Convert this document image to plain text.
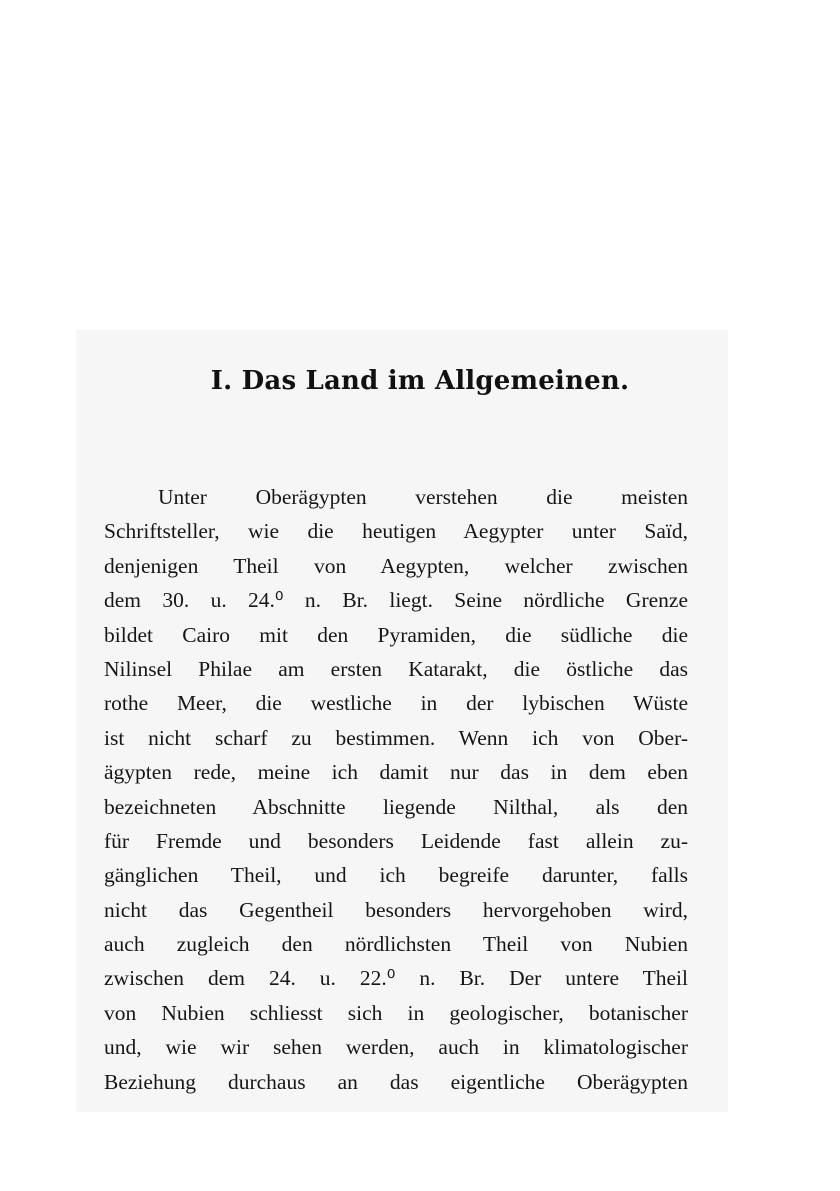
I. Das Land im Allgemeinen.
Unter Oberägypten verstehen die meisten
Schriftsteller, wie die heutigen Aegypter unter Saïd,
denjenigen Theil von Aegypten, welcher zwischen
dem 30. u. 24.⁰ n. Br. liegt. Seine nördliche Grenze
bildet Cairo mit den Pyramiden, die südliche die
Nilinsel Philae am ersten Katarakt, die östliche das
rothe Meer, die westliche in der lybischen Wüste
ist nicht scharf zu bestimmen. Wenn ich von Ober-
ägypten rede, meine ich damit nur das in dem eben
bezeichneten Abschnitte liegende Nilthal, als den
für Fremde und besonders Leidende fast allein zu-
gänglichen Theil, und ich begreife darunter, falls
nicht das Gegentheil besonders hervorgehoben wird,
auch zugleich den nördlichsten Theil von Nubien
zwischen dem 24. u. 22.⁰ n. Br. Der untere Theil
von Nubien schliesst sich in geologischer, botanischer
und, wie wir sehen werden, auch in klimatologischer
Beziehung durchaus an das eigentliche Oberägypten
